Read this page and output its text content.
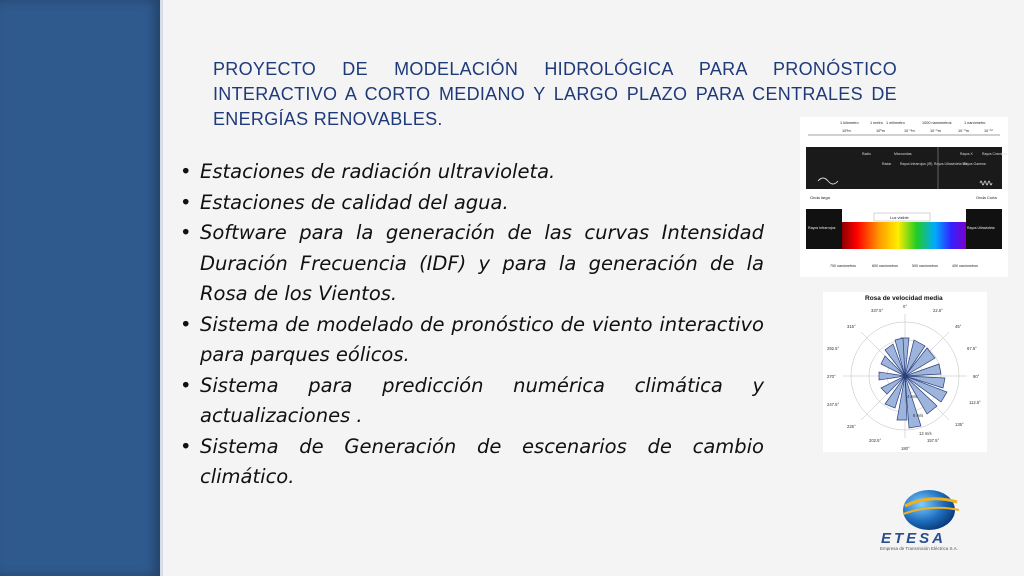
PROYECTO DE MODELACIÓN HIDROLÓGICA PARA PRONÓSTICO INTERACTIVO A CORTO MEDIANO Y LARGO PLAZO PARA CENTRALES DE ENERGÍAS RENOVABLES.

• Estaciones de radiación ultravioleta.
• Estaciones de calidad del agua.
• Software para la generación de las curvas Intensidad Duración Frecuencia (IDF) y para la generación de la Rosa de los Vientos.
• Sistema de modelado de pronóstico de viento interactivo para parques eólicos.
• Sistema para predicción numérica climática y actualizaciones .
• Sistema de Generación de escenarios de cambio climático.
1 kilómetro	1 metro 1 milímetro	1000 nanómetros	1 nanómetro
10³m	10⁰m	10⁻³m	10⁻⁶m	10⁻⁹m	10⁻¹²
Radio	Microondas	Rayos X	Rayos Cósmicos
Radar	Rayos Infrarrojos (IR) Rayos Ultravioleta UV
Rayos Gamma
Onda larga	Onda Corta
Rayos Infrarrojos	Rayos Ultravioleta
Luz visible
700 nanómetros	600 nanómetros	500 nanómetros	400 nanómetros
Rosa de velocidad media
0°
22.5°
45°
67.5°
90°
112.5°
135°
157.5°
180°
202.5°
225°
247.5°
270°
292.5°
315°
337.5°
4 m/s
8 m/s
12 m/s
ETESA
Empresa de Transmisión Eléctrica S.A.
